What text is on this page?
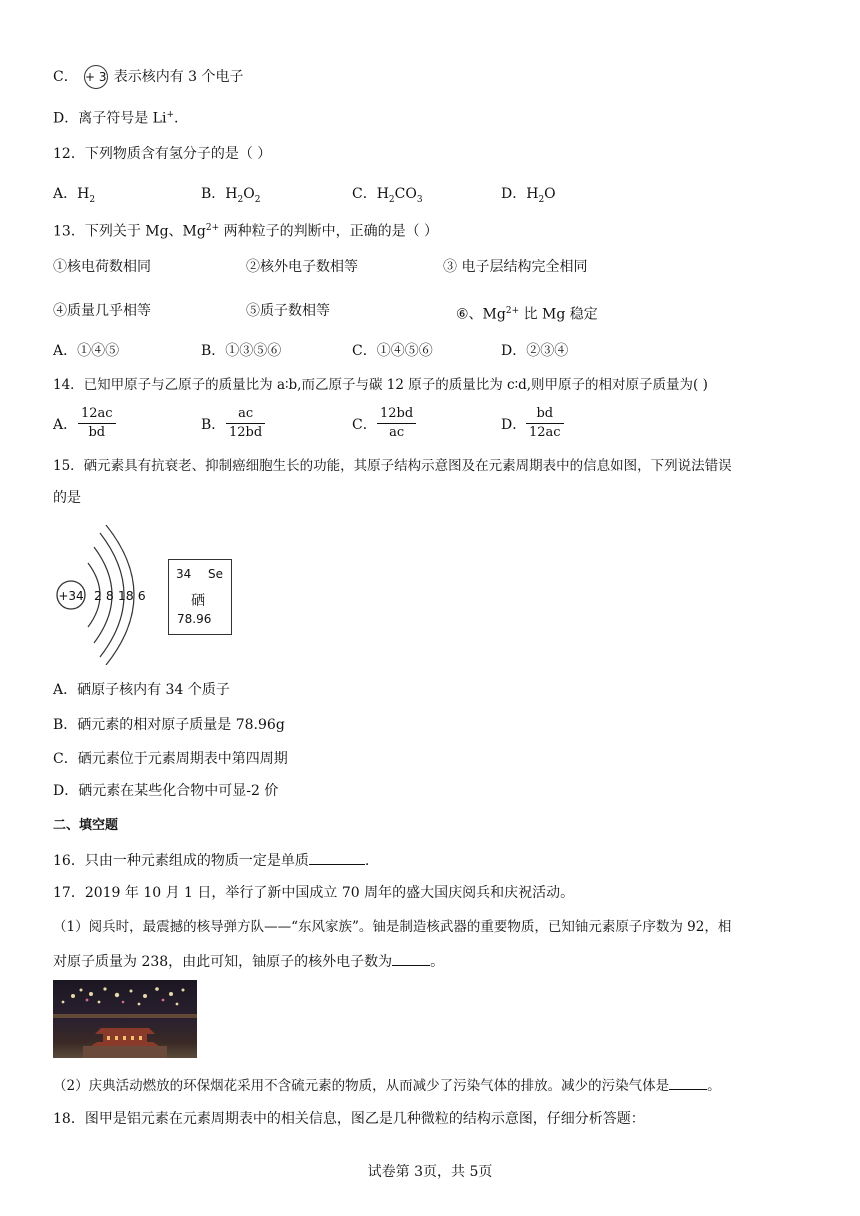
C． + 3 表示核内有 3 个电子
D．离子符号是 Li+.
12．下列物质含有氢分子的是（ ）
A．$H_2$	B．$H_2O_2$	C．$H_2CO_3$	D．$H_2O$
13．下列关于 Mg、$Mg^{2+}$ 两种粒子的判断中，正确的是（ ）
①核电荷数相同	②核外电子数相等	③ 电子层结构完全相同
④质量几乎相等	⑤质子数相等	⑥、$Mg^{2+}$ 比 Mg 稳定
A．①④⑤	B．①③⑤⑥	C．①④⑤⑥	D．②③④
14．已知甲原子与乙原子的质量比为 a∶b,而乙原子与碳 12 原子的质量比为 c∶d,则甲原子的相对原子质量为( )
A． $\frac{12ac}{bd}$	B． $\frac{ac}{12bd}$	C． $\frac{12bd}{ac}$	D． $\frac{bd}{12ac}$
15．硒元素具有抗衰老、抑制癌细胞生长的功能，其原子结构示意图及在元素周期表中的信息如图，下列说法错误
的是
+34 2 8 18 6
34 Se
硒
78.96
A．硒原子核内有 34 个质子
B．硒元素的相对原子质量是 78.96g
C．硒元素位于元素周期表中第四周期
D．硒元素在某些化合物中可显-2 价
二、填空题
16．只由一种元素组成的物质一定是单质	.
17．2019 年 10 月 1 日，举行了新中国成立 70 周年的盛大国庆阅兵和庆祝活动。
（1）阅兵时，最震撼的核导弹方队——“东风家族”。铀是制造核武器的重要物质，已知铀元素原子序数为 92，相
对原子质量为 238，由此可知，铀原子的核外电子数为	。
（2）庆典活动燃放的环保烟花采用不含硫元素的物质，从而减少了污染气体的排放。减少的污染气体是	。
18．图甲是铝元素在元素周期表中的相关信息，图乙是几种微粒的结构示意图，仔细分析答题：
试卷第 3页，共 5页
